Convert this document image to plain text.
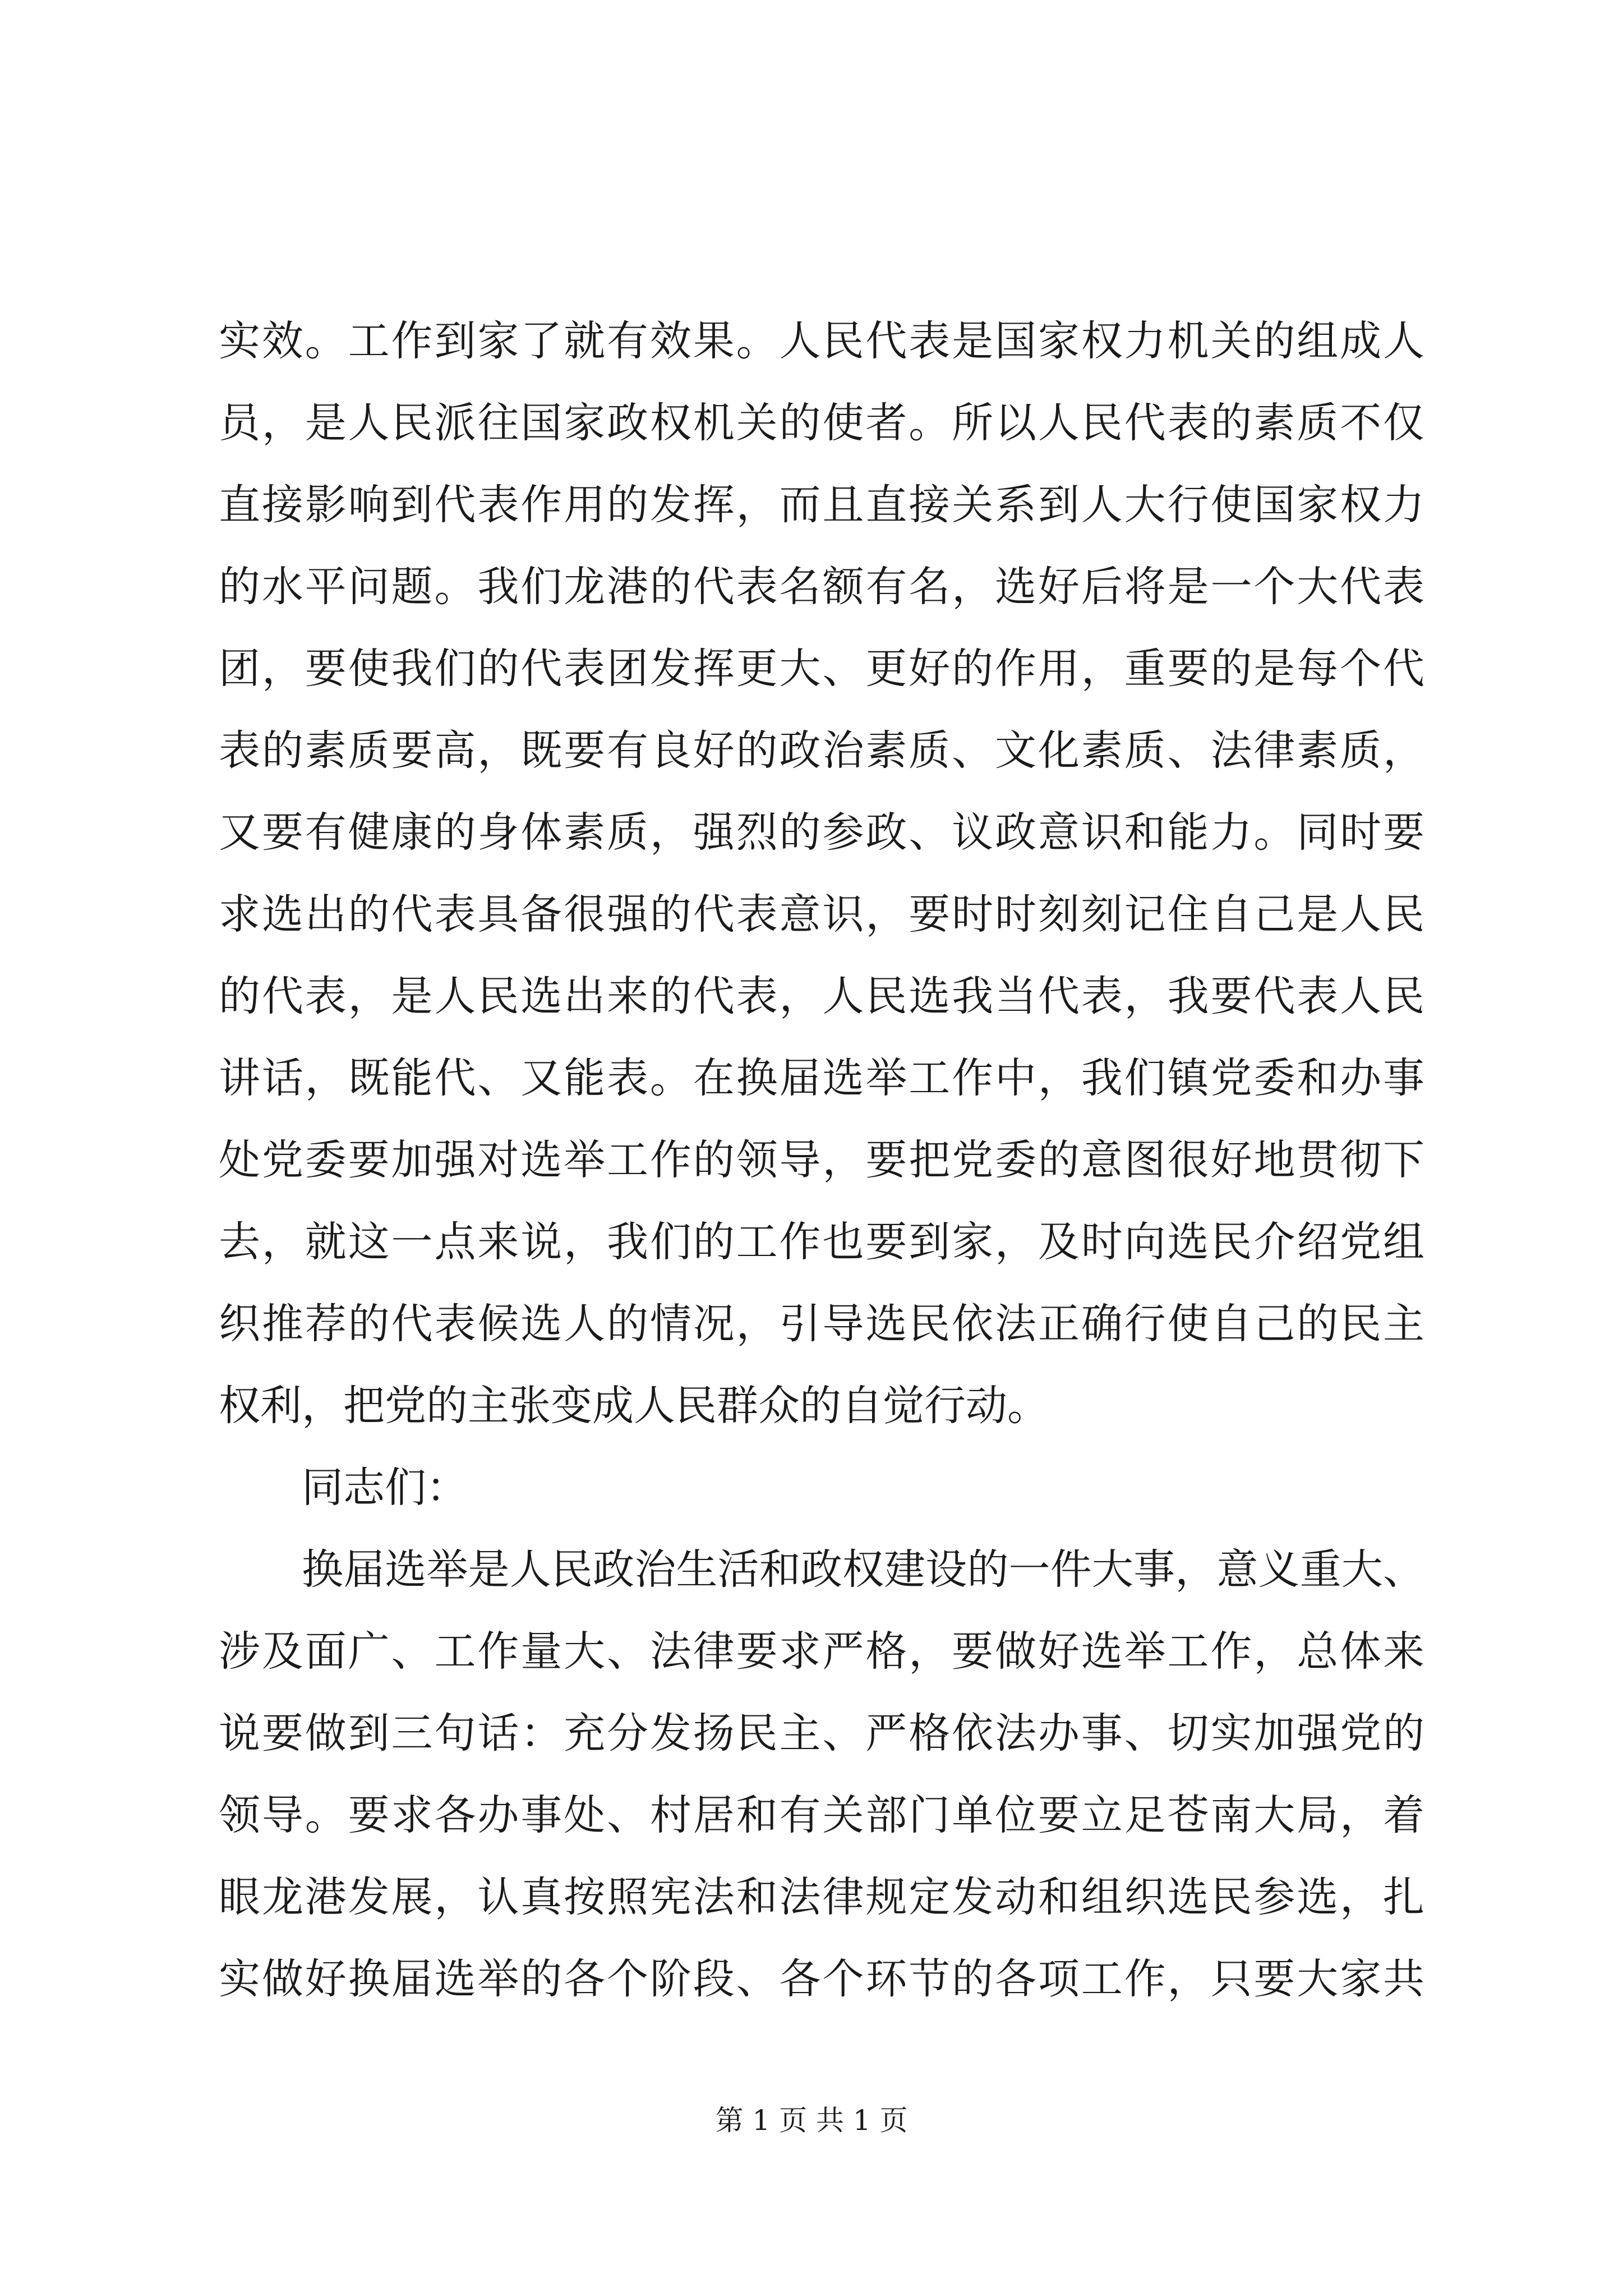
实效。工作到家了就有效果。人民代表是国家权力机关的组成人
员，是人民派往国家政权机关的使者。所以人民代表的素质不仅
直接影响到代表作用的发挥，而且直接关系到人大行使国家权力
的水平问题。我们龙港的代表名额有名，选好后将是一个大代表
团，要使我们的代表团发挥更大、更好的作用，重要的是每个代
表的素质要高，既要有良好的政治素质、文化素质、法律素质，
又要有健康的身体素质，强烈的参政、议政意识和能力。同时要
求选出的代表具备很强的代表意识，要时时刻刻记住自己是人民
的代表，是人民选出来的代表，人民选我当代表，我要代表人民
讲话，既能代、又能表。在换届选举工作中，我们镇党委和办事
处党委要加强对选举工作的领导，要把党委的意图很好地贯彻下
去，就这一点来说，我们的工作也要到家，及时向选民介绍党组
织推荐的代表候选人的情况，引导选民依法正确行使自己的民主
权利，把党的主张变成人民群众的自觉行动。
同志们：
换届选举是人民政治生活和政权建设的一件大事，意义重大、
涉及面广、工作量大、法律要求严格，要做好选举工作，总体来
说要做到三句话：充分发扬民主、严格依法办事、切实加强党的
领导。要求各办事处、村居和有关部门单位要立足苍南大局，着
眼龙港发展，认真按照宪法和法律规定发动和组织选民参选，扎
实做好换届选举的各个阶段、各个环节的各项工作，只要大家共
第 1 页 共 1 页
